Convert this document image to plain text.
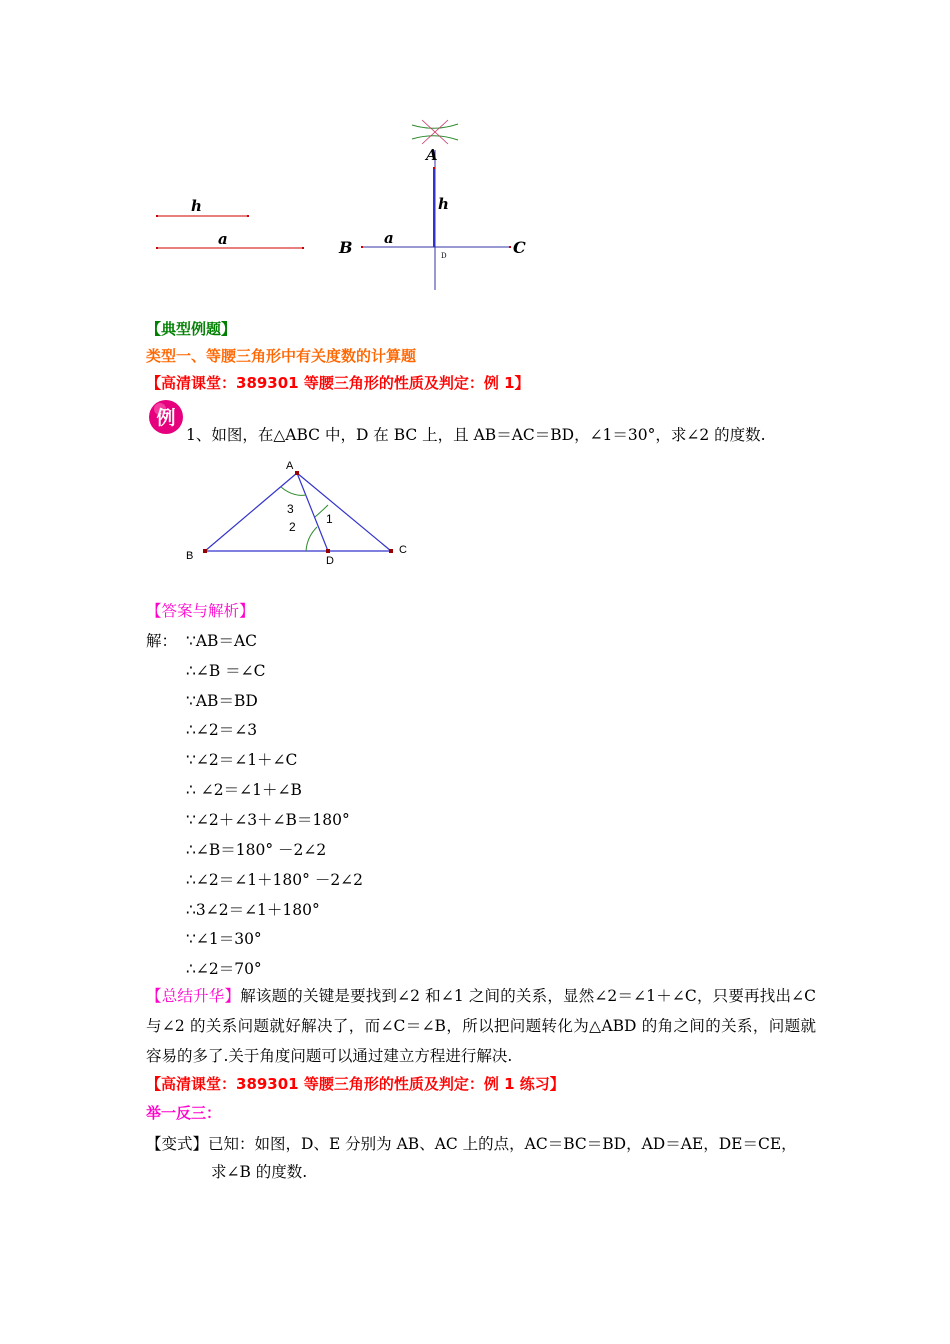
h
a
A
h
B a
D	C
【典型例题】
类型一、等腰三角形中有关度数的计算题
【高清课堂：389301 等腰三角形的性质及判定：例 1】
例
1、如图，在△ABC 中，D 在 BC 上，且 AB＝AC＝BD，∠1＝30°，求∠2 的度数.
A
B	C
D
1
3
2
【答案与解析】
解： ∵AB＝AC
∴∠B ＝∠C
∵AB＝BD
∴∠2＝∠3
∵∠2＝∠1＋∠C
∴ ∠2＝∠1＋∠B
∵∠2＋∠3＋∠B＝180°
∴∠B＝180° －2∠2
∴∠2＝∠1＋180° －2∠2
∴3∠2＝∠1＋180°
∵∠1＝30°
∴∠2＝70°
【总结升华】解该题的关键是要找到∠2 和∠1 之间的关系，显然∠2＝∠1＋∠C，只要再找出∠C 与∠2 的关系问题就好解决了，而∠C＝∠B，所以把问题转化为△ABD 的角之间的关系，问题就容易的多了.关于角度问题可以通过建立方程进行解决.
【高清课堂：389301 等腰三角形的性质及判定：例 1 练习】
举一反三：
【变式】已知：如图，D、E 分别为 AB、AC 上的点，AC＝BC＝BD，AD＝AE，DE＝CE，
求∠B 的度数.
